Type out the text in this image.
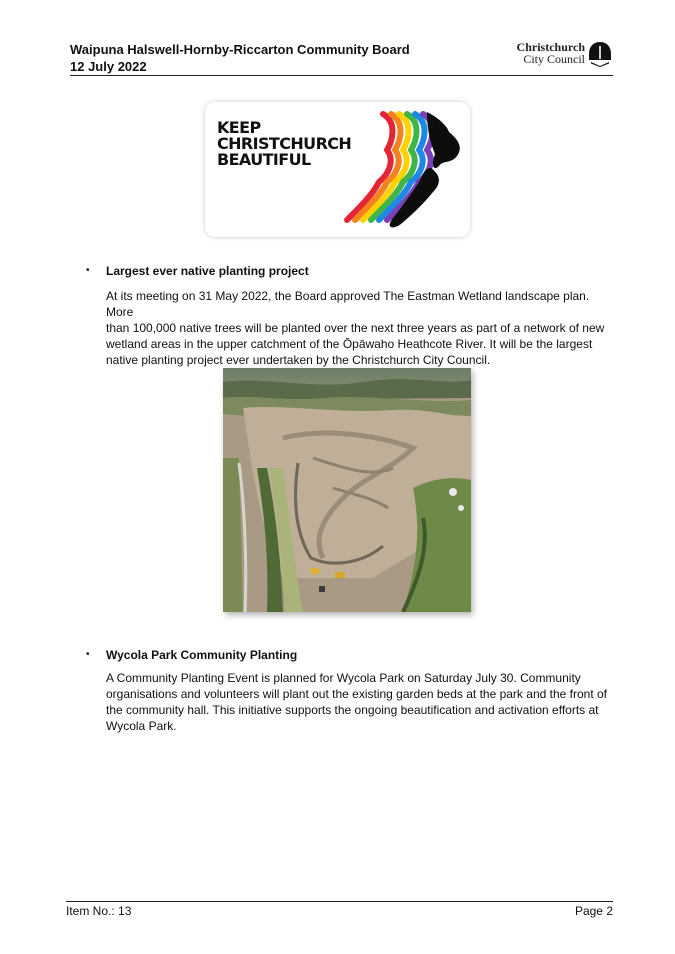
Waipuna Halswell-Hornby-Riccarton Community Board
12 July 2022
Christchurch
City Council
KEEP
CHRISTCHURCH
BEAUTIFUL
• Largest ever native planting project
At its meeting on 31 May 2022, the Board approved The Eastman Wetland landscape plan. More
than 100,000 native trees will be planted over the next three years as part of a network of new
wetland areas in the upper catchment of the Ōpāwaho Heathcote River. It will be the largest
native planting project ever undertaken by the Christchurch City Council.
• Wycola Park Community Planting
A Community Planting Event is planned for Wycola Park on Saturday July 30. Community
organisations and volunteers will plant out the existing garden beds at the park and the front of
the community hall. This initiative supports the ongoing beautification and activation efforts at
Wycola Park.
Item No.: 13	Page 2
